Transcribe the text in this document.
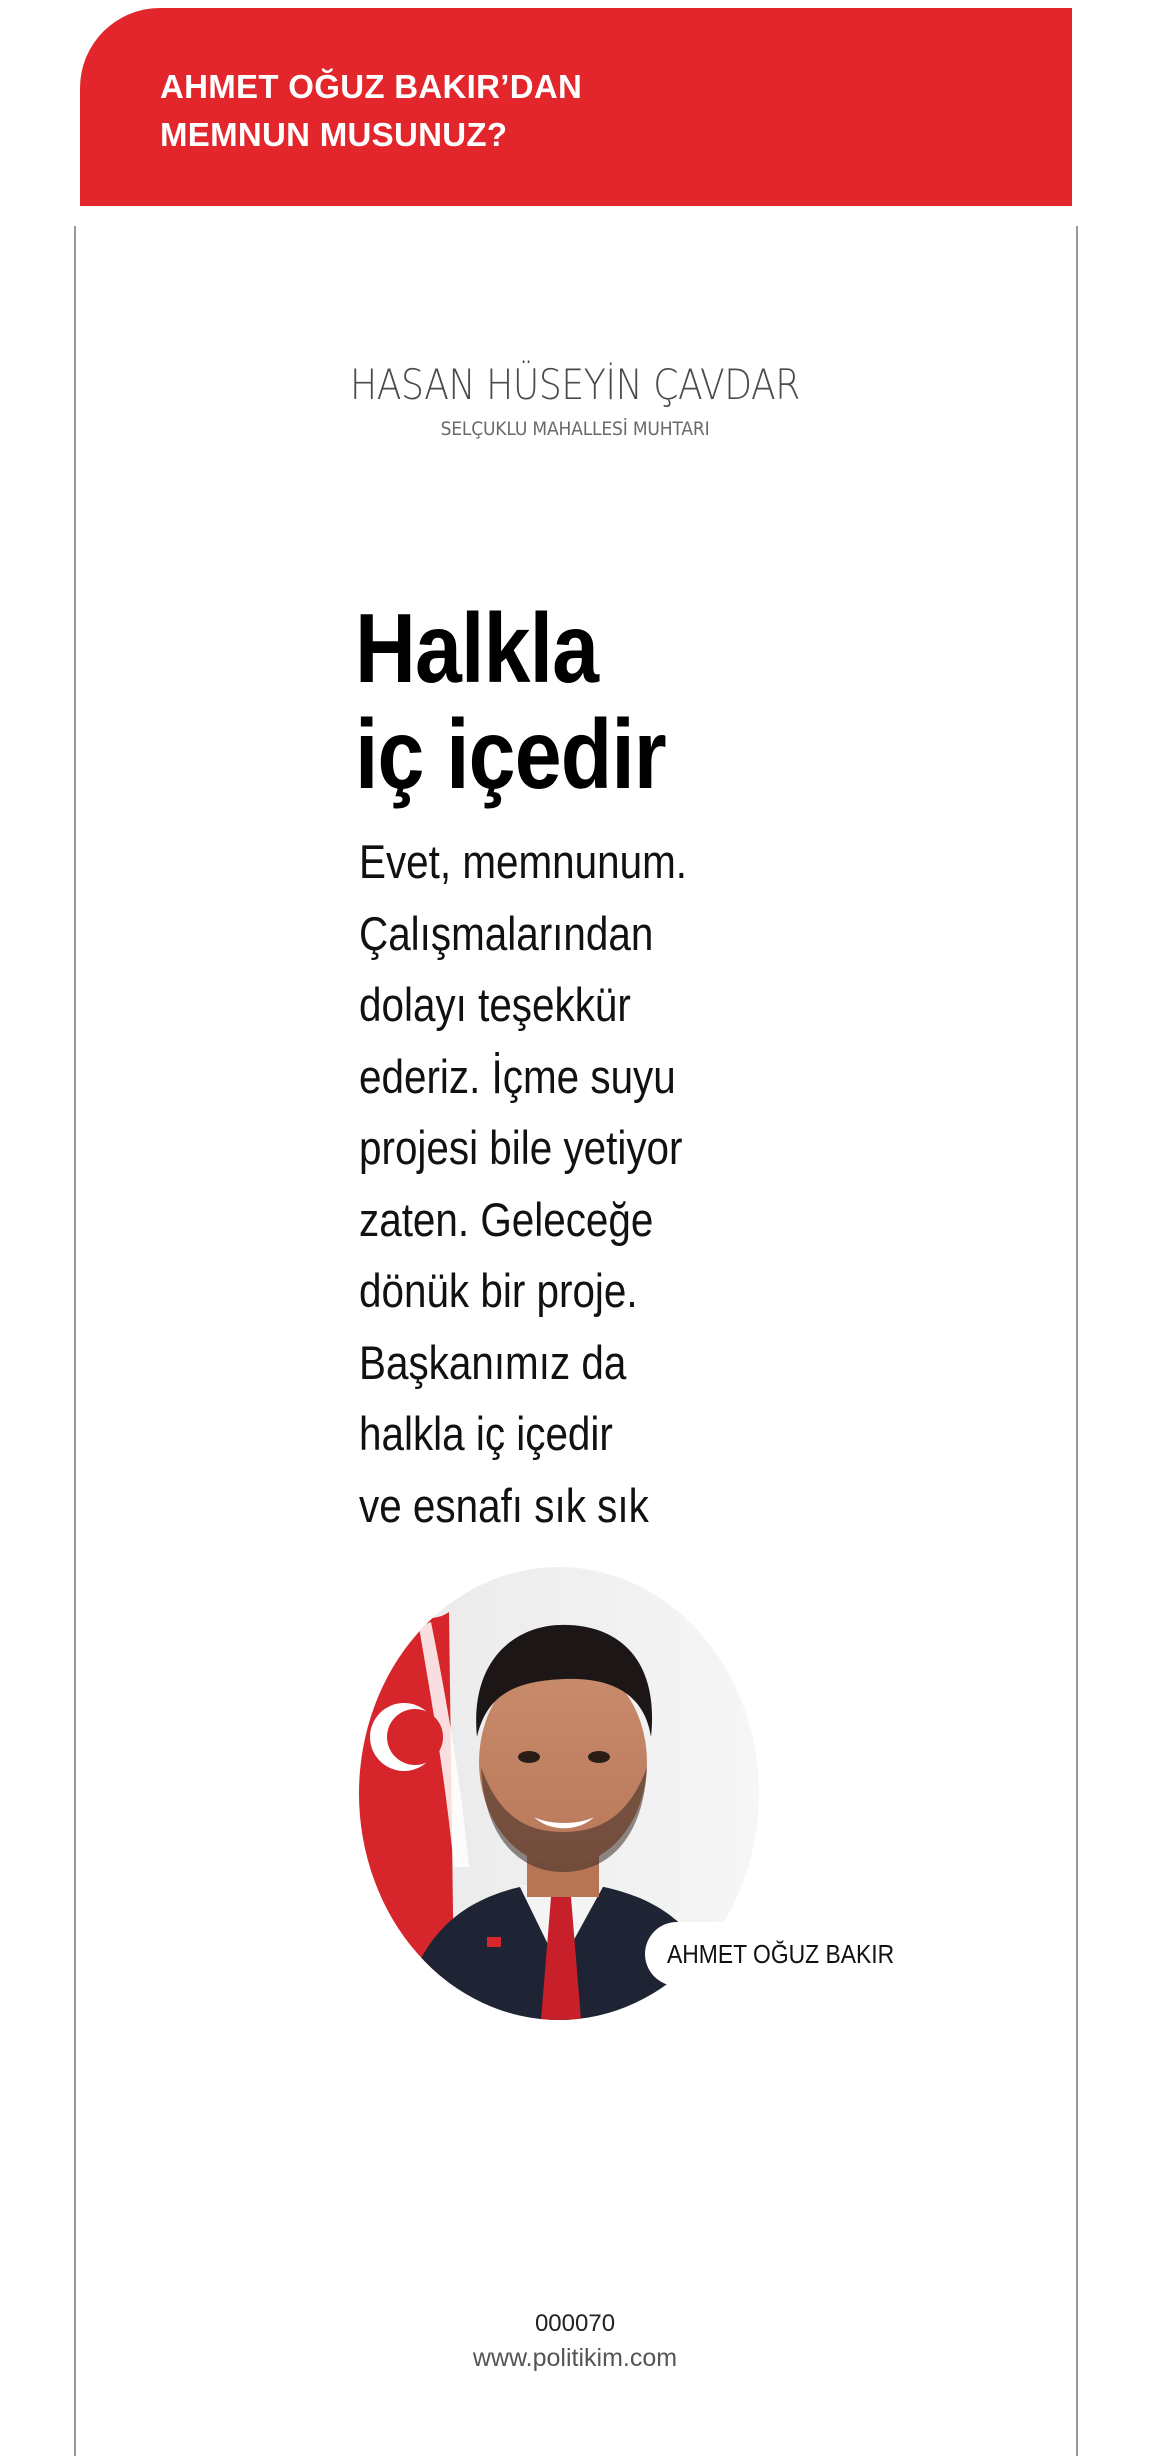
AHMET OĞUZ BAKIR’DAN
MEMNUN MUSUNUZ?
HASAN HÜSEYİN ÇAVDAR
SELÇUKLU MAHALLESİ MUHTARI
Halkla
iç içedir
Evet, memnunum.
Çalışmalarından
dolayı teşekkür
ederiz. İçme suyu
projesi bile yetiyor
zaten. Geleceğe
dönük bir proje.
Başkanımız da
halkla iç içedir
ve esnafı sık sık
AHMET OĞUZ BAKIR
000070
www.politikim.com
